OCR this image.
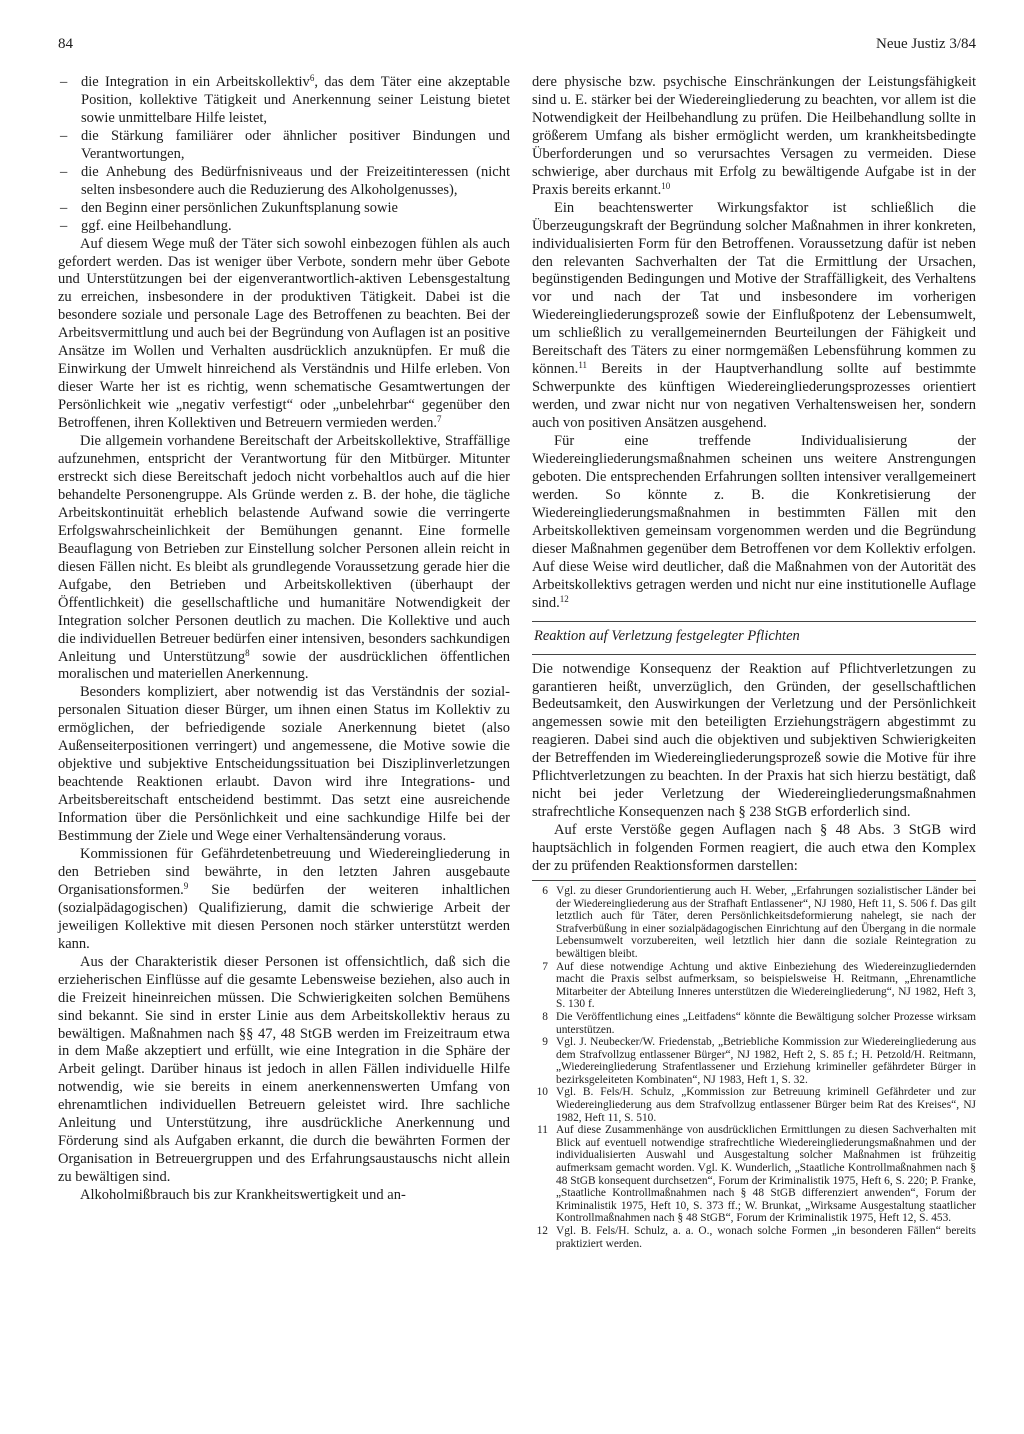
84	Neue Justiz 3/84
– die Integration in ein Arbeitskollektiv$^6$, das dem Täter eine akzeptable Position, kollektive Tätigkeit und Anerkennung seiner Leistung bietet sowie unmittelbare Hilfe leistet,
– die Stärkung familiärer oder ähnlicher positiver Bindungen und Verantwortungen,
– die Anhebung des Bedürfnisniveaus und der Freizeitinteressen (nicht selten insbesondere auch die Reduzierung des Alkoholgenusses),
– den Beginn einer persönlichen Zukunftsplanung sowie
– ggf. eine Heilbehandlung.
Auf diesem Wege muß der Täter sich sowohl einbezogen fühlen als auch gefordert werden. Das ist weniger über Verbote, sondern mehr über Gebote und Unterstützungen bei der eigenverantwortlich-aktiven Lebensgestaltung zu erreichen, insbesondere in der produktiven Tätigkeit. Dabei ist die besondere soziale und personale Lage des Betroffenen zu beachten. Bei der Arbeitsvermittlung und auch bei der Begründung von Auflagen ist an positive Ansätze im Wollen und Verhalten ausdrücklich anzuknüpfen. Er muß die Einwirkung der Umwelt hinreichend als Verständnis und Hilfe erleben. Von dieser Warte her ist es richtig, wenn schematische Gesamtwertungen der Persönlichkeit wie „negativ verfestigt“ oder „unbelehrbar“ gegenüber den Betroffenen, ihren Kollektiven und Betreuern vermieden werden.$^7$
Die allgemein vorhandene Bereitschaft der Arbeitskollektive, Straffällige aufzunehmen, entspricht der Verantwortung für den Mitbürger. Mitunter erstreckt sich diese Bereitschaft jedoch nicht vorbehaltlos auch auf die hier behandelte Personengruppe. Als Gründe werden z. B. der hohe, die tägliche Arbeitskontinuität erheblich belastende Aufwand sowie die verringerte Erfolgswahrscheinlichkeit der Bemühungen genannt. Eine formelle Beauflagung von Betrieben zur Einstellung solcher Personen allein reicht in diesen Fällen nicht. Es bleibt als grundlegende Voraussetzung gerade hier die Aufgabe, den Betrieben und Arbeitskollektiven (überhaupt der Öffentlichkeit) die gesellschaftliche und humanitäre Notwendigkeit der Integration solcher Personen deutlich zu machen. Die Kollektive und auch die individuellen Betreuer bedürfen einer intensiven, besonders sachkundigen Anleitung und Unterstützung$^8$ sowie der ausdrücklichen öffentlichen moralischen und materiellen Anerkennung.
Besonders kompliziert, aber notwendig ist das Verständnis der sozial-personalen Situation dieser Bürger, um ihnen einen Status im Kollektiv zu ermöglichen, der befriedigende soziale Anerkennung bietet (also Außenseiterpositionen verringert) und angemessene, die Motive sowie die objektive und subjektive Entscheidungssituation bei Disziplinverletzungen beachtende Reaktionen erlaubt. Davon wird ihre Integrations- und Arbeitsbereitschaft entscheidend bestimmt. Das setzt eine ausreichende Information über die Persönlichkeit und eine sachkundige Hilfe bei der Bestimmung der Ziele und Wege einer Verhaltensänderung voraus.
Kommissionen für Gefährdetenbetreuung und Wiedereingliederung in den Betrieben sind bewährte, in den letzten Jahren ausgebaute Organisationsformen.$^9$ Sie bedürfen der weiteren inhaltlichen (sozialpädagogischen) Qualifizierung, damit die schwierige Arbeit der jeweiligen Kollektive mit diesen Personen noch stärker unterstützt werden kann.
Aus der Charakteristik dieser Personen ist offensichtlich, daß sich die erzieherischen Einflüsse auf die gesamte Lebensweise beziehen, also auch in die Freizeit hineinreichen müssen. Die Schwierigkeiten solchen Bemühens sind bekannt. Sie sind in erster Linie aus dem Arbeitskollektiv heraus zu bewältigen. Maßnahmen nach §§ 47, 48 StGB werden im Freizeitraum etwa in dem Maße akzeptiert und erfüllt, wie eine Integration in die Sphäre der Arbeit gelingt. Darüber hinaus ist jedoch in allen Fällen individuelle Hilfe notwendig, wie sie bereits in einem anerkennenswerten Umfang von ehrenamtlichen individuellen Betreuern geleistet wird. Ihre sachliche Anleitung und Unterstützung, ihre ausdrückliche Anerkennung und Förderung sind als Aufgaben erkannt, die durch die bewährten Formen der Organisation in Betreuergruppen und des Erfahrungsaustauschs nicht allein zu bewältigen sind.
Alkoholmißbrauch bis zur Krankheitswertigkeit und an-
dere physische bzw. psychische Einschränkungen der Leistungsfähigkeit sind u. E. stärker bei der Wiedereingliederung zu beachten, vor allem ist die Notwendigkeit der Heilbehandlung zu prüfen. Die Heilbehandlung sollte in größerem Umfang als bisher ermöglicht werden, um krankheitsbedingte Überforderungen und so verursachtes Versagen zu vermeiden. Diese schwierige, aber durchaus mit Erfolg zu bewältigende Aufgabe ist in der Praxis bereits erkannt.$^{10}$
Ein beachtenswerter Wirkungsfaktor ist schließlich die Überzeugungskraft der Begründung solcher Maßnahmen in ihrer konkreten, individualisierten Form für den Betroffenen. Voraussetzung dafür ist neben den relevanten Sachverhalten der Tat die Ermittlung der Ursachen, begünstigenden Bedingungen und Motive der Straffälligkeit, des Verhaltens vor und nach der Tat und insbesondere im vorherigen Wiedereingliederungsprozeß sowie der Einflußpotenz der Lebensumwelt, um schließlich zu verallgemeinernden Beurteilungen der Fähigkeit und Bereitschaft des Täters zu einer normgemäßen Lebensführung kommen zu können.$^{11}$ Bereits in der Hauptverhandlung sollte auf bestimmte Schwerpunkte des künftigen Wiedereingliederungsprozesses orientiert werden, und zwar nicht nur von negativen Verhaltensweisen her, sondern auch von positiven Ansätzen ausgehend.
Für eine treffende Individualisierung der Wiedereingliederungsmaßnahmen scheinen uns weitere Anstrengungen geboten. Die entsprechenden Erfahrungen sollten intensiver verallgemeinert werden. So könnte z. B. die Konkretisierung der Wiedereingliederungsmaßnahmen in bestimmten Fällen mit den Arbeitskollektiven gemeinsam vorgenommen werden und die Begründung dieser Maßnahmen gegenüber dem Betroffenen vor dem Kollektiv erfolgen. Auf diese Weise wird deutlicher, daß die Maßnahmen von der Autorität des Arbeitskollektivs getragen werden und nicht nur eine institutionelle Auflage sind.$^{12}$
Reaktion auf Verletzung festgelegter Pflichten
Die notwendige Konsequenz der Reaktion auf Pflichtverletzungen zu garantieren heißt, unverzüglich, den Gründen, der gesellschaftlichen Bedeutsamkeit, den Auswirkungen der Verletzung und der Persönlichkeit angemessen sowie mit den beteiligten Erziehungsträgern abgestimmt zu reagieren. Dabei sind auch die objektiven und subjektiven Schwierigkeiten der Betreffenden im Wiedereingliederungsprozeß sowie die Motive für ihre Pflichtverletzungen zu beachten. In der Praxis hat sich hierzu bestätigt, daß nicht bei jeder Verletzung der Wiedereingliederungsmaßnahmen strafrechtliche Konsequenzen nach § 238 StGB erforderlich sind.
Auf erste Verstöße gegen Auflagen nach § 48 Abs. 3 StGB wird hauptsächlich in folgenden Formen reagiert, die auch etwa den Komplex der zu prüfenden Reaktionsformen darstellen:
6 Vgl. zu dieser Grundorientierung auch H. Weber, „Erfahrungen sozialistischer Länder bei der Wiedereingliederung aus der Strafhaft Entlassener“, NJ 1980, Heft 11, S. 506 f. Das gilt letztlich auch für Täter, deren Persönlichkeitsdeformierung nahelegt, sie nach der Strafverbüßung in einer sozialpädagogischen Einrichtung auf den Übergang in die normale Lebensumwelt vorzubereiten, weil letztlich hier dann die soziale Reintegration zu bewältigen bleibt.
7 Auf diese notwendige Achtung und aktive Einbeziehung des Wiedereinzugliedernden macht die Praxis selbst aufmerksam, so beispielsweise H. Reitmann, „Ehrenamtliche Mitarbeiter der Abteilung Inneres unterstützen die Wiedereingliederung“, NJ 1982, Heft 3, S. 130 f.
8 Die Veröffentlichung eines „Leitfadens“ könnte die Bewältigung solcher Prozesse wirksam unterstützen.
9 Vgl. J. Neubecker/W. Friedenstab, „Betriebliche Kommission zur Wiedereingliederung aus dem Strafvollzug entlassener Bürger“, NJ 1982, Heft 2, S. 85 f.; H. Petzold/H. Reitmann, „Wiedereingliederung Strafentlassener und Erziehung krimineller gefährdeter Bürger in bezirksgeleiteten Kombinaten“, NJ 1983, Heft 1, S. 32.
10 Vgl. B. Fels/H. Schulz, „Kommission zur Betreuung kriminell Gefährdeter und zur Wiedereingliederung aus dem Strafvollzug entlassener Bürger beim Rat des Kreises“, NJ 1982, Heft 11, S. 510.
11 Auf diese Zusammenhänge von ausdrücklichen Ermittlungen zu diesen Sachverhalten mit Blick auf eventuell notwendige strafrechtliche Wiedereingliederungsmaßnahmen und der individualisierten Auswahl und Ausgestaltung solcher Maßnahmen ist frühzeitig aufmerksam gemacht worden. Vgl. K. Wunderlich, „Staatliche Kontrollmaßnahmen nach § 48 StGB konsequent durchsetzen“, Forum der Kriminalistik 1975, Heft 6, S. 220; P. Franke, „Staatliche Kontrollmaßnahmen nach § 48 StGB differenziert anwenden“, Forum der Kriminalistik 1975, Heft 10, S. 373 ff.; W. Brunkat, „Wirksame Ausgestaltung staatlicher Kontrollmaßnahmen nach § 48 StGB“, Forum der Kriminalistik 1975, Heft 12, S. 453.
12 Vgl. B. Fels/H. Schulz, a. a. O., wonach solche Formen „in besonderen Fällen“ bereits praktiziert werden.
